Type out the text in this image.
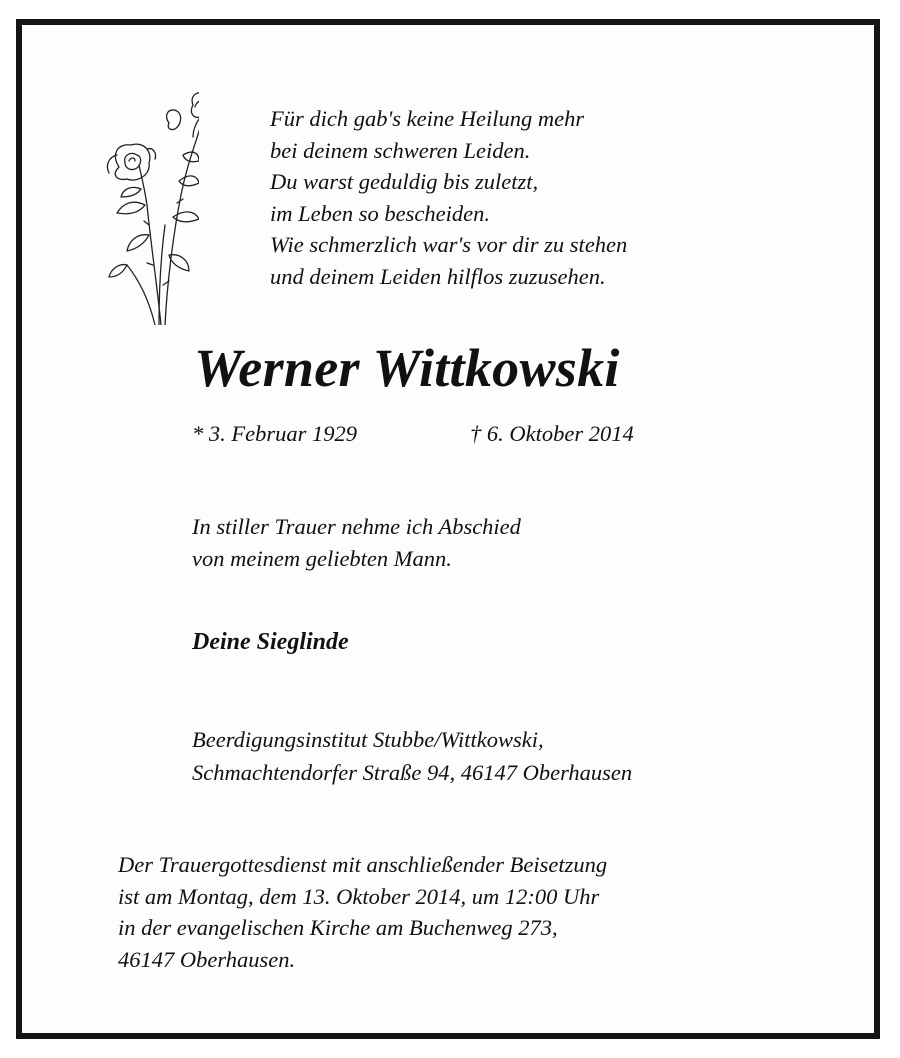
Für dich gab's keine Heilung mehr
bei deinem schweren Leiden.
Du warst geduldig bis zuletzt,
im Leben so bescheiden.
Wie schmerzlich war's vor dir zu stehen
und deinem Leiden hilflos zuzusehen.
Werner Wittkowski
* 3. Februar 1929	† 6. Oktober 2014
In stiller Trauer nehme ich Abschied
von meinem geliebten Mann.
Deine Sieglinde
Beerdigungsinstitut Stubbe/Wittkowski,
Schmachtendorfer Straße 94, 46147 Oberhausen
Der Trauergottesdienst mit anschließender Beisetzung
ist am Montag, dem 13. Oktober 2014, um 12:00 Uhr
in der evangelischen Kirche am Buchenweg 273,
46147 Oberhausen.
